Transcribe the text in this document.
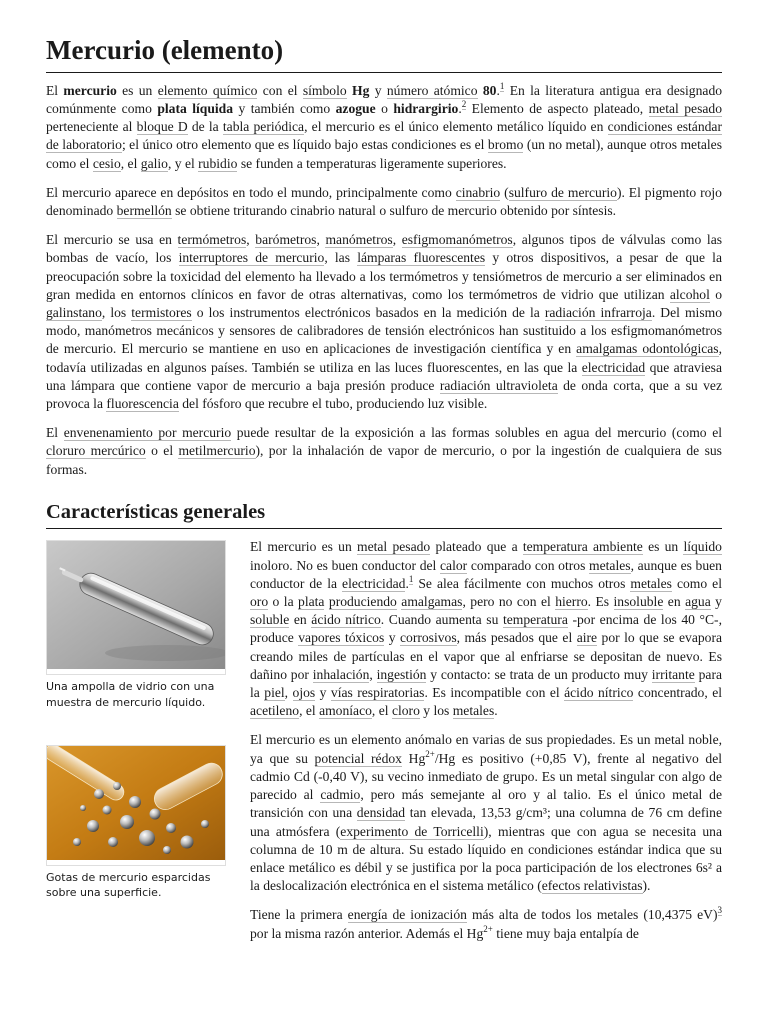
Mercurio (elemento)

El mercurio es un elemento químico con el símbolo Hg y número atómico 80.$^1$ En la literatura antigua era designado comúnmente como plata líquida y también como azogue o hidrargirio.$^2$ Elemento de aspecto plateado, metal pesado perteneciente al bloque D de la tabla periódica, el mercurio es el único elemento metálico líquido en condiciones estándar de laboratorio; el único otro elemento que es líquido bajo estas condiciones es el bromo (un no metal), aunque otros metales como el cesio, el galio, y el rubidio se funden a temperaturas ligeramente superiores.

El mercurio aparece en depósitos en todo el mundo, principalmente como cinabrio (sulfuro de mercurio). El pigmento rojo denominado bermellón se obtiene triturando cinabrio natural o sulfuro de mercurio obtenido por síntesis.

El mercurio se usa en termómetros, barómetros, manómetros, esfigmomanómetros, algunos tipos de válvulas como las bombas de vacío, los interruptores de mercurio, las lámparas fluorescentes y otros dispositivos, a pesar de que la preocupación sobre la toxicidad del elemento ha llevado a los termómetros y tensiómetros de mercurio a ser eliminados en gran medida en entornos clínicos en favor de otras alternativas, como los termómetros de vidrio que utilizan alcohol o galinstano, los termistores o los instrumentos electrónicos basados en la medición de la radiación infrarroja. Del mismo modo, manómetros mecánicos y sensores de calibradores de tensión electrónicos han sustituido a los esfigmomanómetros de mercurio. El mercurio se mantiene en uso en aplicaciones de investigación científica y en amalgamas odontológicas, todavía utilizadas en algunos países. También se utiliza en las luces fluorescentes, en las que la electricidad que atraviesa una lámpara que contiene vapor de mercurio a baja presión produce radiación ultravioleta de onda corta, que a su vez provoca la fluorescencia del fósforo que recubre el tubo, produciendo luz visible.

El envenenamiento por mercurio puede resultar de la exposición a las formas solubles en agua del mercurio (como el cloruro mercúrico o el metilmercurio), por la inhalación de vapor de mercurio, o por la ingestión de cualquiera de sus formas.

Características generales
Una ampolla de vidrio con una muestra de mercurio líquido.
Gotas de mercurio esparcidas sobre una superficie.

El mercurio es un metal pesado plateado que a temperatura ambiente es un líquido inoloro. No es buen conductor del calor comparado con otros metales, aunque es buen conductor de la electricidad.$^1$ Se alea fácilmente con muchos otros metales como el oro o la plata produciendo amalgamas, pero no con el hierro. Es insoluble en agua y soluble en ácido nítrico. Cuando aumenta su temperatura -por encima de los 40 °C-, produce vapores tóxicos y corrosivos, más pesados que el aire por lo que se evapora creando miles de partículas en el vapor que al enfriarse se depositan de nuevo. Es dañino por inhalación, ingestión y contacto: se trata de un producto muy irritante para la piel, ojos y vías respiratorias. Es incompatible con el ácido nítrico concentrado, el acetileno, el amoníaco, el cloro y los metales.

El mercurio es un elemento anómalo en varias de sus propiedades. Es un metal noble, ya que su potencial rédox $Hg^{2+}/Hg$ es positivo (+0,85 V), frente al negativo del cadmio Cd (-0,40 V), su vecino inmediato de grupo. Es un metal singular con algo de parecido al cadmio, pero más semejante al oro y al talio. Es el único metal de transición con una densidad tan elevada, 13,53 g/cm³; una columna de 76 cm define una atmósfera (experimento de Torricelli), mientras que con agua se necesita una columna de 10 m de altura. Su estado líquido en condiciones estándar indica que su enlace metálico es débil y se justifica por la poca participación de los electrones 6s² a la deslocalización electrónica en el sistema metálico (efectos relativistas).

Tiene la primera energía de ionización más alta de todos los metales (10,4375 eV)$^3$ por la misma razón anterior. Además el $Hg^{2+}$ tiene muy baja entalpía de
